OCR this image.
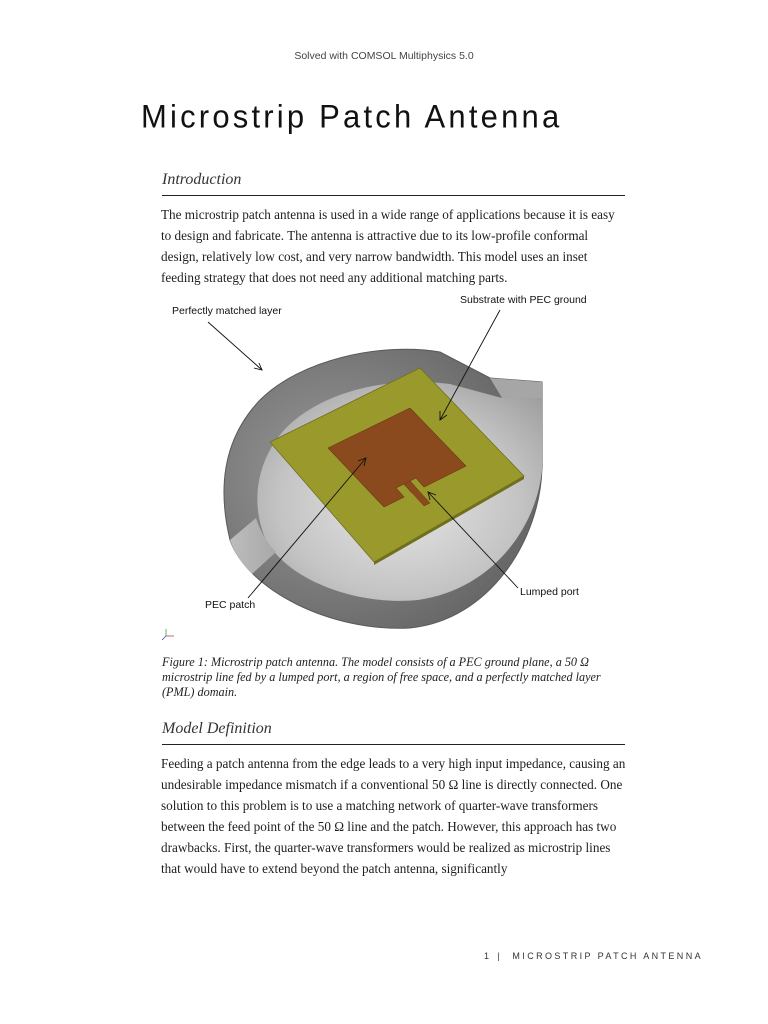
Solved with COMSOL Multiphysics 5.0
Microstrip Patch Antenna
Introduction

The microstrip patch antenna is used in a wide range of applications because it is easy to design and fabricate. The antenna is attractive due to its low-profile conformal design, relatively low cost, and very narrow bandwidth. This model uses an inset feeding strategy that does not need any additional matching parts.

Perfectly matched layer
Substrate with PEC ground
Lumped port
PEC patch

Figure 1: Microstrip patch antenna. The model consists of a PEC ground plane, a 50 Ω microstrip line fed by a lumped port, a region of free space, and a perfectly matched layer (PML) domain.

Model Definition

Feeding a patch antenna from the edge leads to a very high input impedance, causing an undesirable impedance mismatch if a conventional 50 Ω line is directly connected. One solution to this problem is to use a matching network of quarter-wave transformers between the feed point of the 50 Ω line and the patch. However, this approach has two drawbacks. First, the quarter-wave transformers would be realized as microstrip lines that would have to extend beyond the patch antenna, significantly

1 | MICROSTRIP PATCH ANTENNA
